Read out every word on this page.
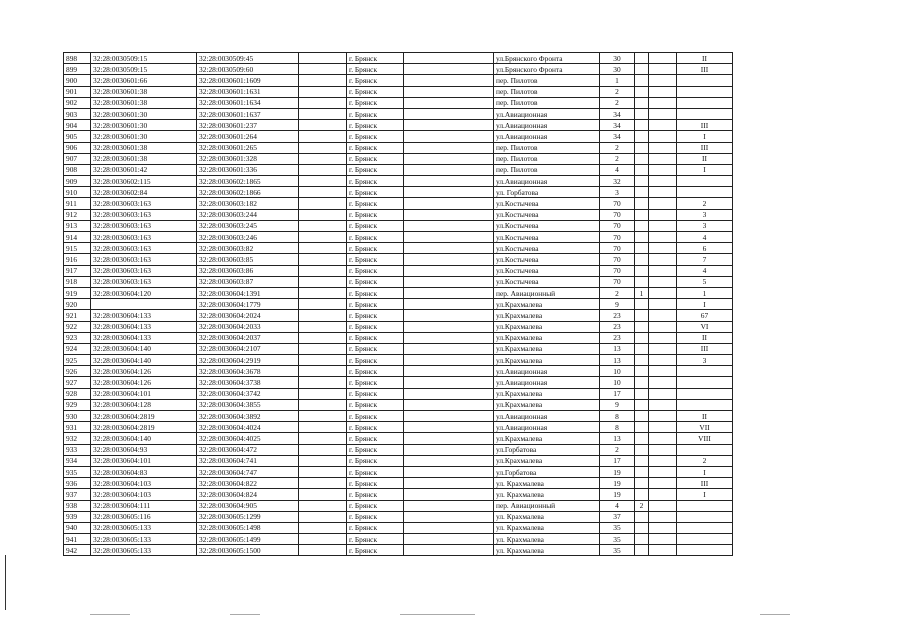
898	32:28:0030509:15	32:28:0030509:45		г. Брянск		ул.Брянского Фронта	30			II
899	32:28:0030509:15	32:28:0030509:60		г. Брянск		ул.Брянского Фронта	30			III
900	32:28:0030601:66	32:28:0030601:1609		г. Брянск		пер. Пилотов	1			
901	32:28:0030601:38	32:28:0030601:1631		г. Брянск		пер. Пилотов	2			
902	32:28:0030601:38	32:28:0030601:1634		г. Брянск		пер. Пилотов	2			
903	32:28:0030601:30	32:28:0030601:1637		г. Брянск		ул.Авиационная	34			
904	32:28:0030601:30	32:28:0030601:237		г. Брянск		ул.Авиационная	34			III
905	32:28:0030601:30	32:28:0030601:264		г. Брянск		ул.Авиационная	34			I
906	32:28:0030601:38	32:28:0030601:265		г. Брянск		пер. Пилотов	2			III
907	32:28:0030601:38	32:28:0030601:328		г. Брянск		пер. Пилотов	2			II
908	32:28:0030601:42	32:28:0030601:336		г. Брянск		пер. Пилотов	4			I
909	32:28:0030602:115	32:28:0030602:1865		г. Брянск		ул.Авиационная	32			
910	32:28:0030602:84	32:28:0030602:1866		г. Брянск		ул. Горбатова	3			
911	32:28:0030603:163	32:28:0030603:182		г. Брянск		ул.Костычева	70			2
912	32:28:0030603:163	32:28:0030603:244		г. Брянск		ул.Костычева	70			3
913	32:28:0030603:163	32:28:0030603:245		г. Брянск		ул.Костычева	70			3
914	32:28:0030603:163	32:28:0030603:246		г. Брянск		ул.Костычева	70			4
915	32:28:0030603:163	32:28:0030603:82		г. Брянск		ул.Костычева	70			6
916	32:28:0030603:163	32:28:0030603:85		г. Брянск		ул.Костычева	70			7
917	32:28:0030603:163	32:28:0030603:86		г. Брянск		ул.Костычева	70			4
918	32:28:0030603:163	32:28:0030603:87		г. Брянск		ул.Костычева	70			5
919	32:28:0030604:120	32:28:0030604:1391		г. Брянск		пер. Авиационный	2	1		1
920		32:28:0030604:1779		г. Брянск		ул.Крахмалева	9			I
921	32:28:0030604:133	32:28:0030604:2024		г. Брянск		ул.Крахмалева	23			67
922	32:28:0030604:133	32:28:0030604:2033		г. Брянск		ул.Крахмалева	23			VI
923	32:28:0030604:133	32:28:0030604:2037		г. Брянск		ул.Крахмалева	23			II
924	32:28:0030604:140	32:28:0030604:2107		г. Брянск		ул.Крахмалева	13			III
925	32:28:0030604:140	32:28:0030604:2919		г. Брянск		ул.Крахмалева	13			3
926	32:28:0030604:126	32:28:0030604:3678		г. Брянск		ул.Авиационная	10			
927	32:28:0030604:126	32:28:0030604:3738		г. Брянск		ул.Авиационная	10			
928	32:28:0030604:101	32:28:0030604:3742		г. Брянск		ул.Крахмалева	17			
929	32:28:0030604:128	32:28:0030604:3855		г. Брянск		ул.Крахмалева	9			
930	32:28:0030604:2819	32:28:0030604:3892		г. Брянск		ул.Авиационная	8			II
931	32:28:0030604:2819	32:28:0030604:4024		г. Брянск		ул.Авиационная	8			VII
932	32:28:0030604:140	32:28:0030604:4025		г. Брянск		ул.Крахмалева	13			VIII
933	32:28:0030604:93	32:28:0030604:472		г. Брянск		ул.Горбатова	2			
934	32:28:0030604:101	32:28:0030604:741		г. Брянск		ул.Крахмалева	17			2
935	32:28:0030604:83	32:28:0030604:747		г. Брянск		ул.Горбатова	19			I
936	32:28:0030604:103	32:28:0030604:822		г. Брянск		ул. Крахмалева	19			III
937	32:28:0030604:103	32:28:0030604:824		г. Брянск		ул. Крахмалева	19			I
938	32:28:0030604:111	32:28:0030604:905		г. Брянск		пер. Авиационный	4	2		
939	32:28:0030605:116	32:28:0030605:1299		г. Брянск		ул. Крахмалева	37			
940	32:28:0030605:133	32:28:0030605:1498		г. Брянск		ул. Крахмалева	35			
941	32:28:0030605:133	32:28:0030605:1499		г. Брянск		ул. Крахмалева	35			
942	32:28:0030605:133	32:28:0030605:1500		г. Брянск		ул. Крахмалева	35			
